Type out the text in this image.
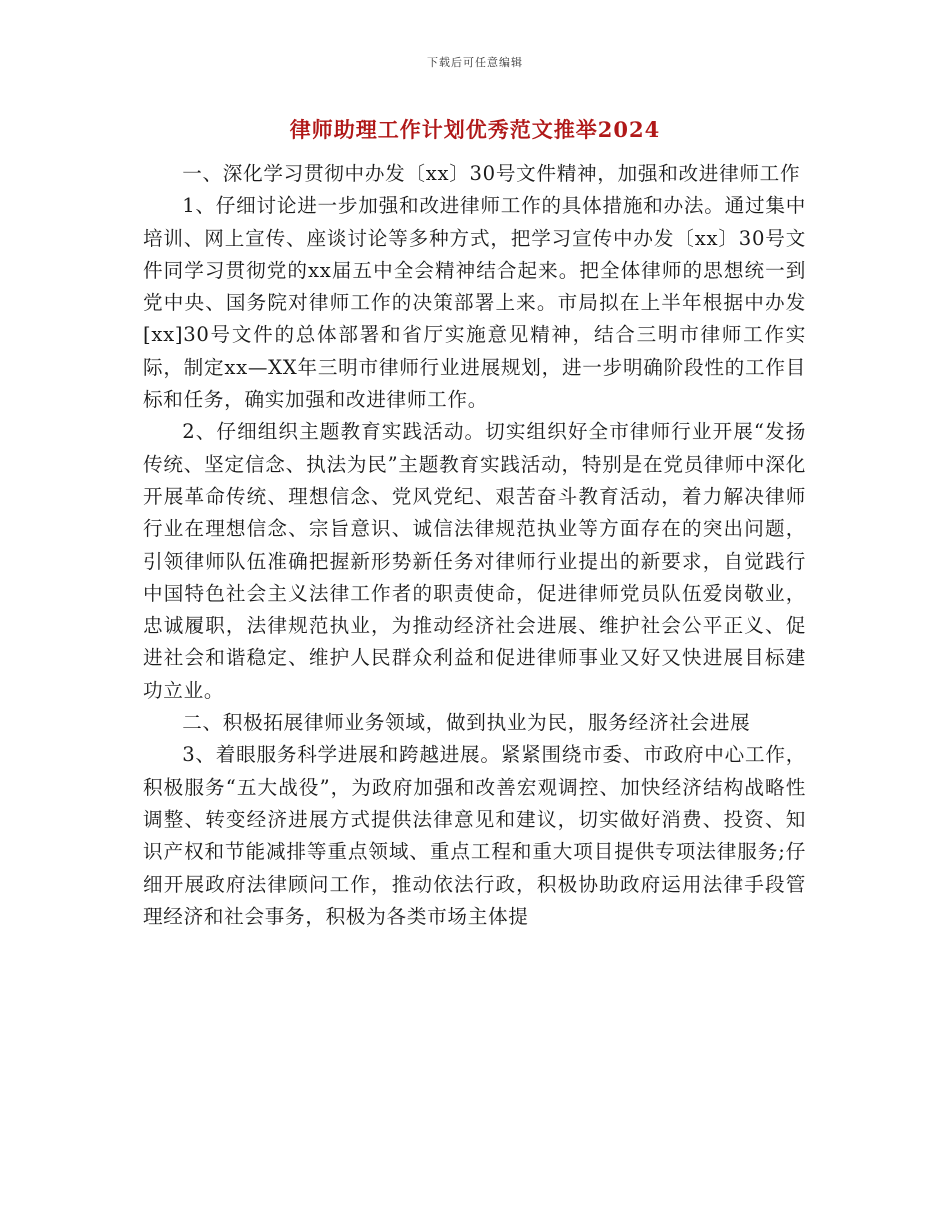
下载后可任意编辑
律师助理工作计划优秀范文推举2024

一、深化学习贯彻中办发〔xx〕30号文件精神，加强和改进律师工作

1、仔细讨论进一步加强和改进律师工作的具体措施和办法。通过集中培训、网上宣传、座谈讨论等多种方式，把学习宣传中办发〔xx〕30号文件同学习贯彻党的xx届五中全会精神结合起来。把全体律师的思想统一到党中央、国务院对律师工作的决策部署上来。市局拟在上半年根据中办发[xx]30号文件的总体部署和省厅实施意见精神，结合三明市律师工作实际，制定xx—XX年三明市律师行业进展规划，进一步明确阶段性的工作目标和任务，确实加强和改进律师工作。

2、仔细组织主题教育实践活动。切实组织好全市律师行业开展“发扬传统、坚定信念、执法为民”主题教育实践活动，特别是在党员律师中深化开展革命传统、理想信念、党风党纪、艰苦奋斗教育活动，着力解决律师行业在理想信念、宗旨意识、诚信法律规范执业等方面存在的突出问题，引领律师队伍准确把握新形势新任务对律师行业提出的新要求，自觉践行中国特色社会主义法律工作者的职责使命，促进律师党员队伍爱岗敬业，忠诚履职，法律规范执业，为推动经济社会进展、维护社会公平正义、促进社会和谐稳定、维护人民群众利益和促进律师事业又好又快进展目标建功立业。

二、积极拓展律师业务领域，做到执业为民，服务经济社会进展

3、着眼服务科学进展和跨越进展。紧紧围绕市委、市政府中心工作，积极服务“五大战役”，为政府加强和改善宏观调控、加快经济结构战略性调整、转变经济进展方式提供法律意见和建议，切实做好消费、投资、知识产权和节能减排等重点领域、重点工程和重大项目提供专项法律服务;仔细开展政府法律顾问工作，推动依法行政，积极协助政府运用法律手段管理经济和社会事务，积极为各类市场主体提
